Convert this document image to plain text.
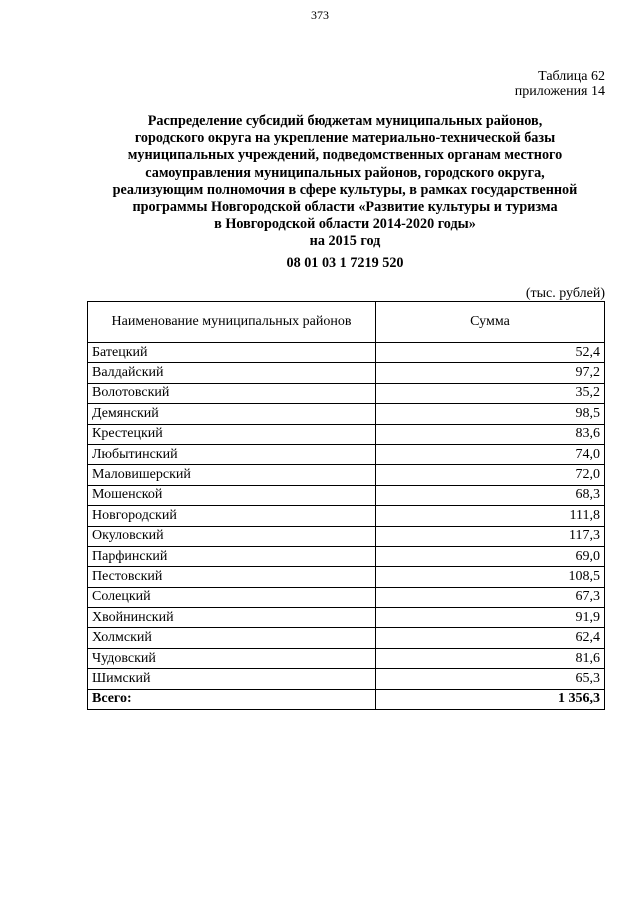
373
Таблица 62
приложения 14
Распределение субсидий бюджетам муниципальных районов,
городского округа на укрепление материально-технической базы
муниципальных учреждений, подведомственных органам местного
самоуправления муниципальных районов, городского округа,
реализующим полномочия в сфере культуры, в рамках государственной
программы Новгородской области «Развитие культуры и туризма
в Новгородской области 2014-2020 годы»
на 2015 год
08 01 03 1 7219 520
(тыс. рублей)
Наименование муниципальных районов	Сумма
Батецкий	52,4
Валдайский	97,2
Волотовский	35,2
Демянский	98,5
Крестецкий	83,6
Любытинский	74,0
Маловишерский	72,0
Мошенской	68,3
Новгородский	111,8
Окуловский	117,3
Парфинский	69,0
Пестовский	108,5
Солецкий	67,3
Хвойнинский	91,9
Холмский	62,4
Чудовский	81,6
Шимский	65,3
Всего:	1 356,3
